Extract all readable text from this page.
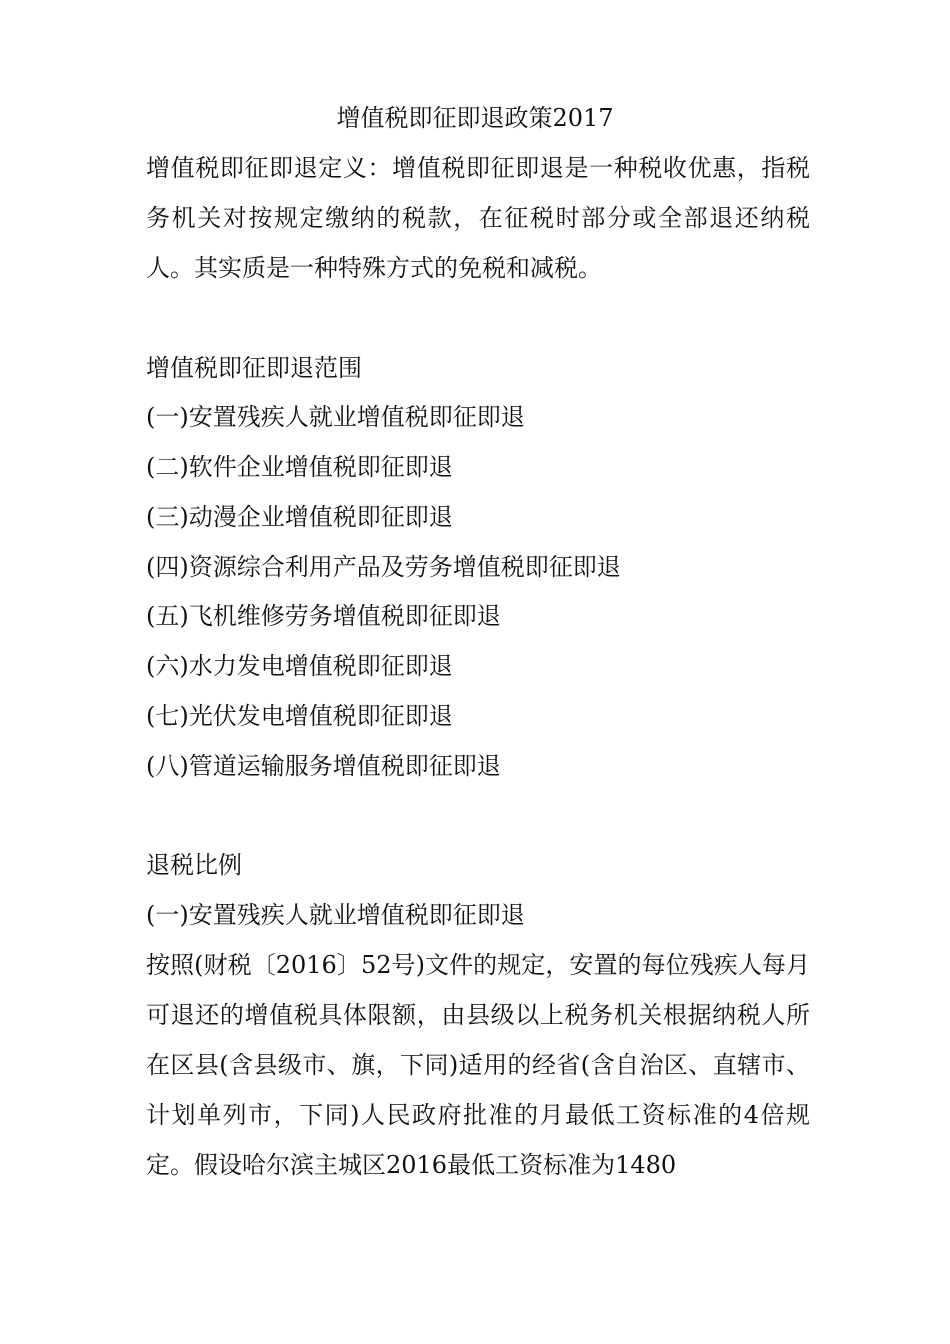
增值税即征即退政策2017
增值税即征即退定义：增值税即征即退是一种税收优惠，指税务机关对按规定缴纳的税款，在征税时部分或全部退还纳税人。其实质是一种特殊方式的免税和减税。
增值税即征即退范围
(一)安置残疾人就业增值税即征即退
(二)软件企业增值税即征即退
(三)动漫企业增值税即征即退
(四)资源综合利用产品及劳务增值税即征即退
(五)飞机维修劳务增值税即征即退
(六)水力发电增值税即征即退
(七)光伏发电增值税即征即退
(八)管道运输服务增值税即征即退
退税比例
(一)安置残疾人就业增值税即征即退
按照(财税〔2016〕52号)文件的规定，安置的每位残疾人每月可退还的增值税具体限额，由县级以上税务机关根据纳税人所在区县(含县级市、旗，下同)适用的经省(含自治区、直辖市、计划单列市，下同)人民政府批准的月最低工资标准的4倍规定。假设哈尔滨主城区2016最低工资标准为1480
